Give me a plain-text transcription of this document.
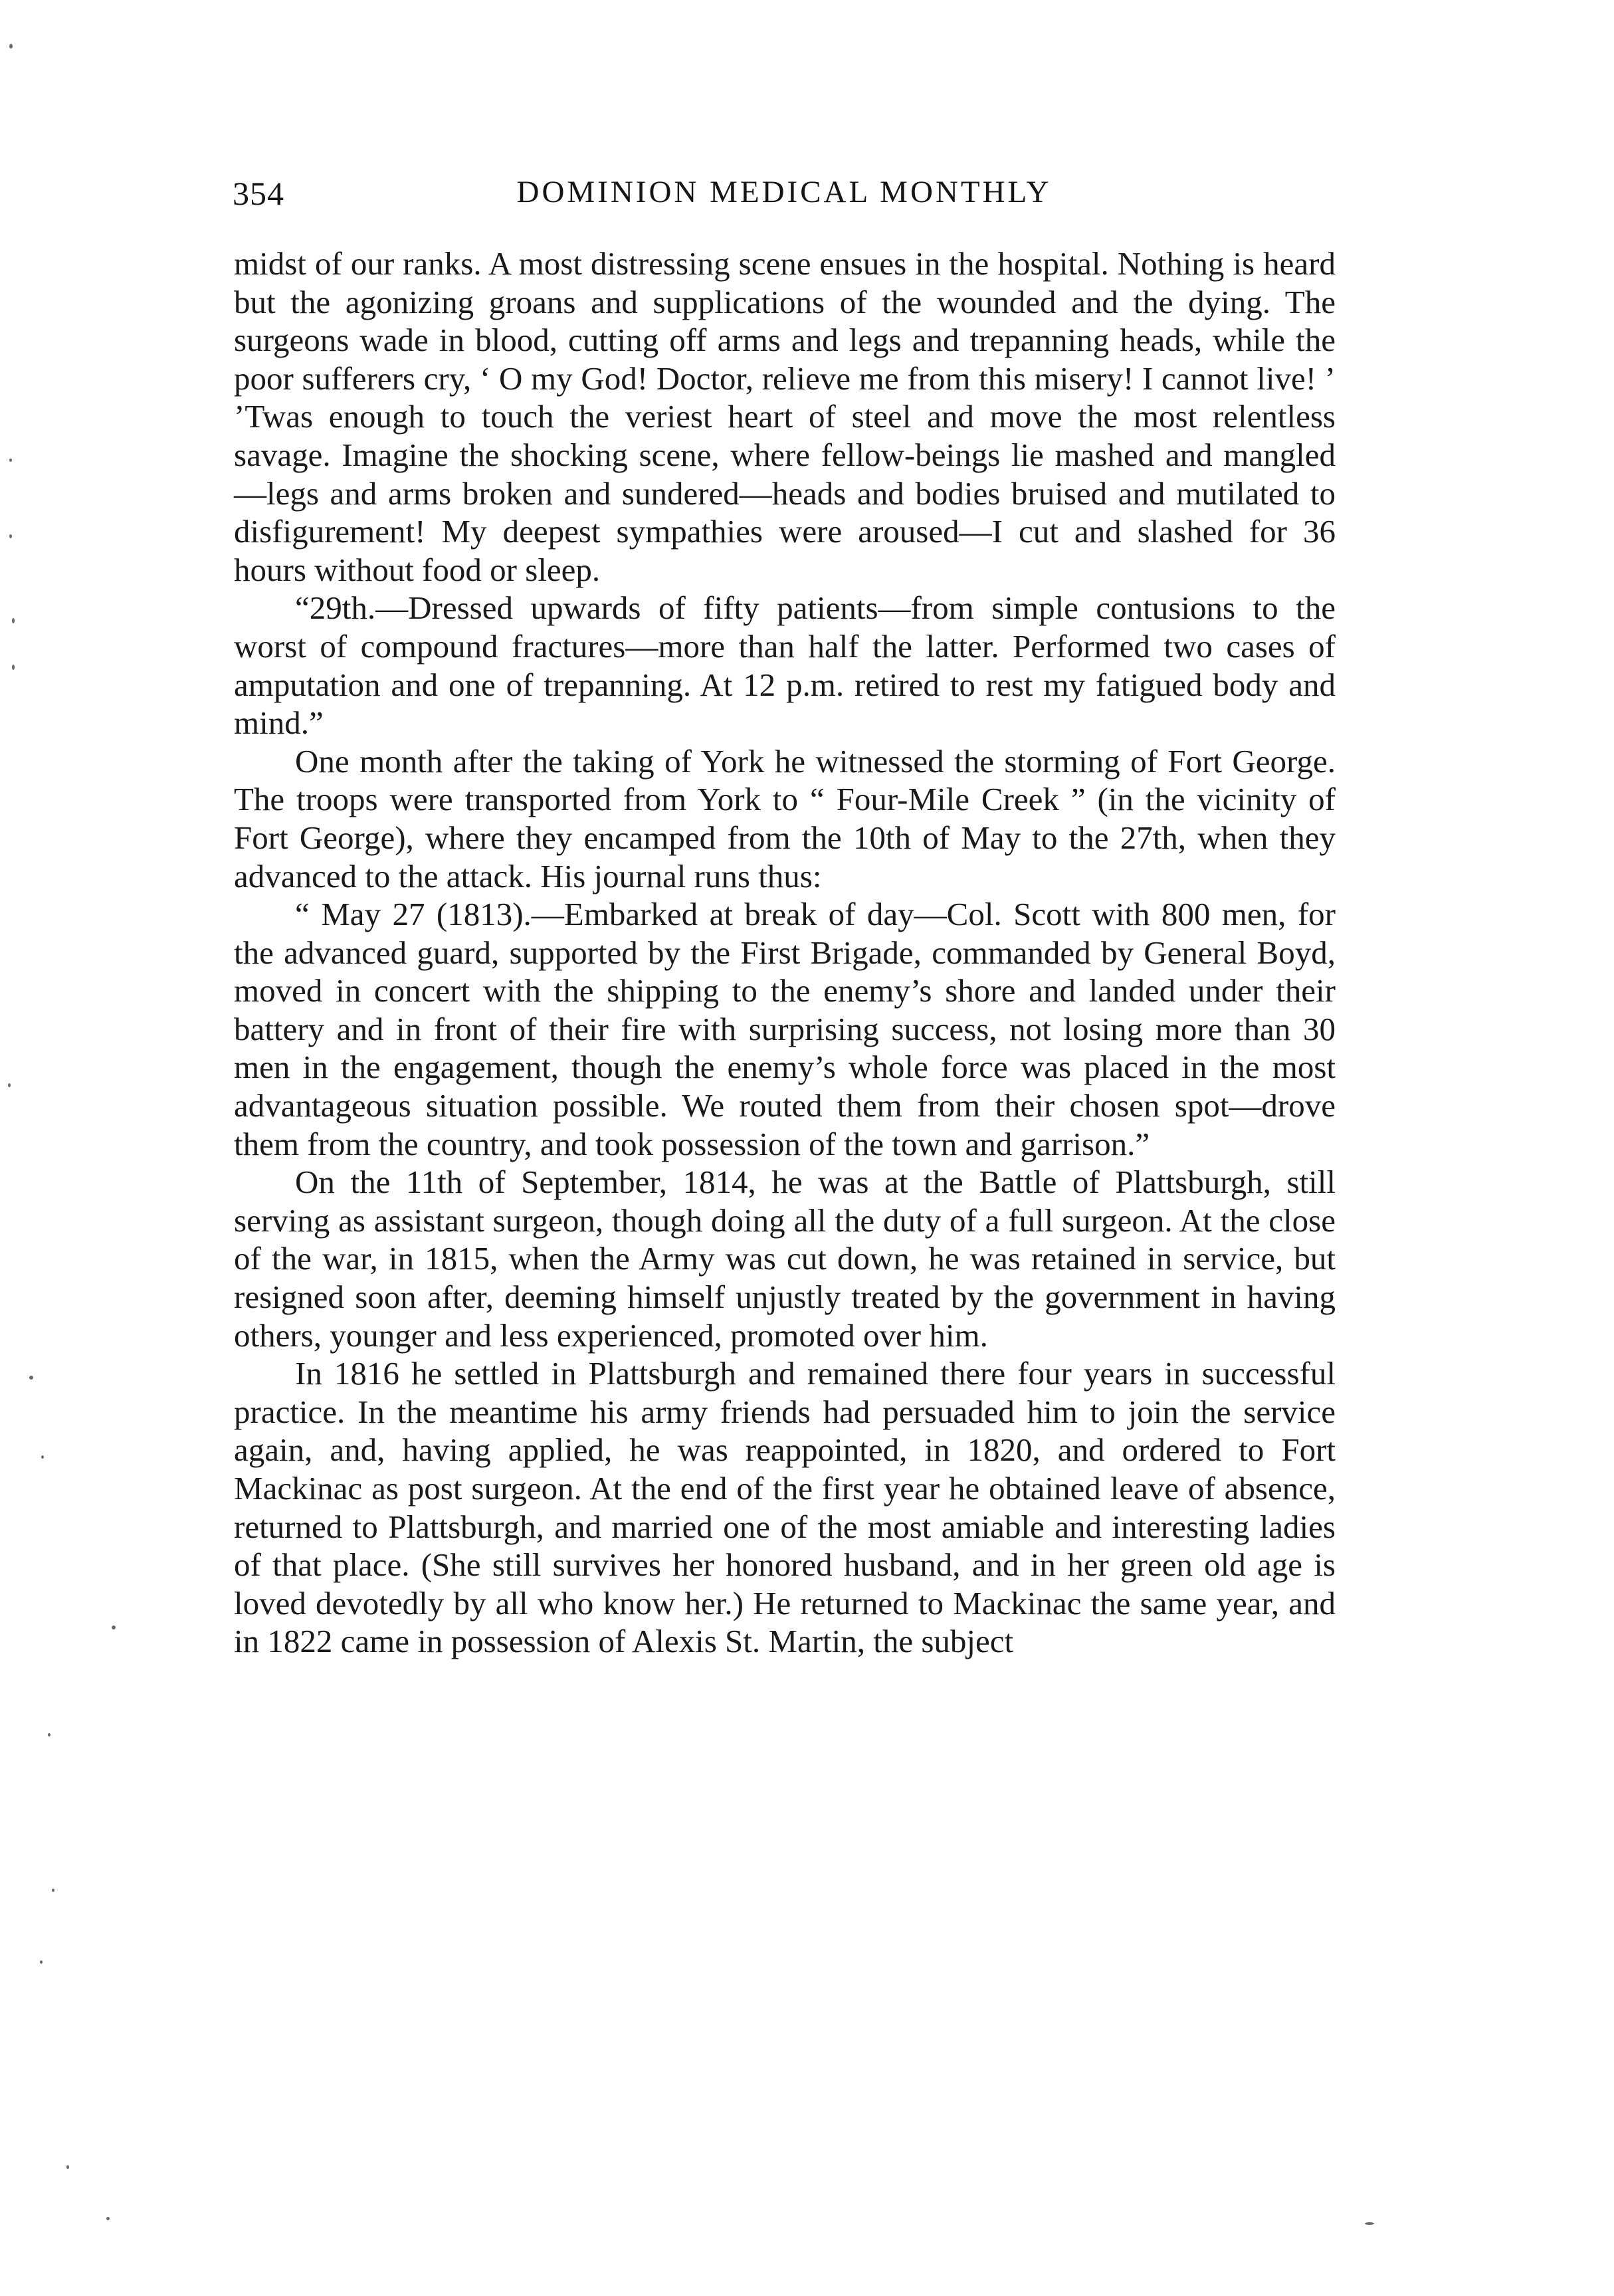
354	DOMINION MEDICAL MONTHLY

midst of our ranks. A most distressing scene ensues in the hospital. Nothing is heard but the agonizing groans and supplications of the wounded and the dying. The surgeons wade in blood, cutting off arms and legs and trepanning heads, while the poor sufferers cry, ‘ O my God! Doctor, relieve me from this misery! I cannot live! ’ ’Twas enough to touch the veriest heart of steel and move the most relentless savage. Imagine the shocking scene, where fellow-beings lie mashed and mangled—legs and arms broken and sundered—heads and bodies bruised and mutilated to disfigurement! My deepest sympathies were aroused—I cut and slashed for 36 hours without food or sleep.

“29th.—Dressed upwards of fifty patients—from simple contusions to the worst of compound fractures—more than half the latter. Performed two cases of amputation and one of trepanning. At 12 p.m. retired to rest my fatigued body and mind.”

One month after the taking of York he witnessed the storming of Fort George. The troops were transported from York to “ Four-Mile Creek ” (in the vicinity of Fort George), where they encamped from the 10th of May to the 27th, when they advanced to the attack. His journal runs thus:

“ May 27 (1813).—Embarked at break of day—Col. Scott with 800 men, for the advanced guard, supported by the First Brigade, commanded by General Boyd, moved in concert with the shipping to the enemy’s shore and landed under their battery and in front of their fire with surprising success, not losing more than 30 men in the engagement, though the enemy’s whole force was placed in the most advantageous situation possible. We routed them from their chosen spot—drove them from the country, and took possession of the town and garrison.”

On the 11th of September, 1814, he was at the Battle of Plattsburgh, still serving as assistant surgeon, though doing all the duty of a full surgeon. At the close of the war, in 1815, when the Army was cut down, he was retained in service, but resigned soon after, deeming himself unjustly treated by the government in having others, younger and less experienced, promoted over him.

In 1816 he settled in Plattsburgh and remained there four years in successful practice. In the meantime his army friends had persuaded him to join the service again, and, having applied, he was reappointed, in 1820, and ordered to Fort Mackinac as post surgeon. At the end of the first year he obtained leave of absence, returned to Plattsburgh, and married one of the most amiable and interesting ladies of that place. (She still survives her honored husband, and in her green old age is loved devotedly by all who know her.) He returned to Mackinac the same year, and in 1822 came in possession of Alexis St. Martin, the subject
